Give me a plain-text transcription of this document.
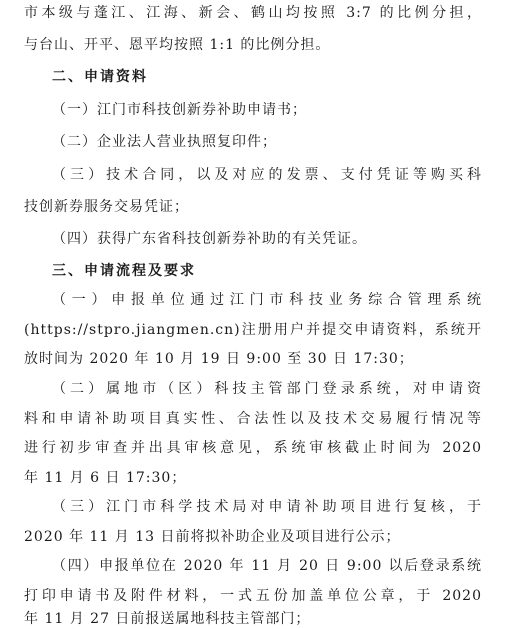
市本级与蓬江、江海、新会、鹤山均按照 3:7 的比例分担，
与台山、开平、恩平均按照 1:1 的比例分担。
二、申请资料
（一）江门市科技创新券补助申请书；
（二）企业法人营业执照复印件；
（三）技术合同，以及对应的发票、支付凭证等购买科
技创新券服务交易凭证；
（四）获得广东省科技创新券补助的有关凭证。
三、申请流程及要求
（一）申报单位通过江门市科技业务综合管理系统
(https://stpro.jiangmen.cn)注册用户并提交申请资料，系统开
放时间为 2020 年 10 月 19 日 9:00 至 30 日 17:30；
（二）属地市（区）科技主管部门登录系统，对申请资
料和申请补助项目真实性、合法性以及技术交易履行情况等
进行初步审查并出具审核意见，系统审核截止时间为 2020
年 11 月 6 日 17:30；
（三）江门市科学技术局对申请补助项目进行复核，于
2020 年 11 月 13 日前将拟补助企业及项目进行公示；
（四）申报单位在 2020 年 11 月 20 日 9:00 以后登录系统
打印申请书及附件材料，一式五份加盖单位公章，于 2020
年 11 月 27 日前报送属地科技主管部门；
